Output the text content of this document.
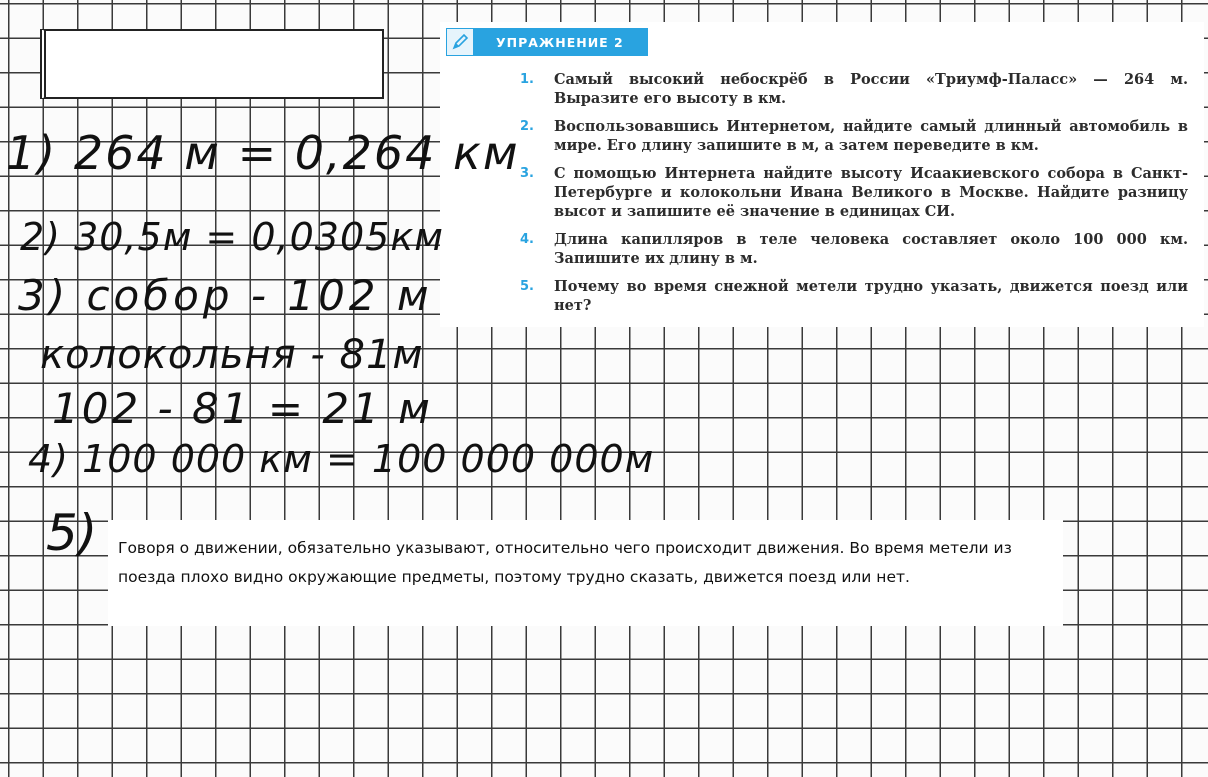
УПРАЖНЕНИЕ 2
1. Самый высокий небоскрёб в России «Триумф-Паласс» — 264 м. Выразите его высоту в км.
2. Воспользовавшись Интернетом, найдите самый длинный автомобиль в мире. Его длину запишите в м, а затем переведите в км.
3. С помощью Интернета найдите высоту Исаакиевского собора в Санкт-Петербурге и колокольни Ивана Великого в Москве. Найдите разницу высот и запишите её значение в единицах СИ.
4. Длина капилляров в теле человека составляет около 100 000 км. Запишите их длину в м.
5. Почему во время снежной метели трудно указать, движется поезд или нет?
1) 264 м = 0,264 км
2) 30,5м = 0,0305км
3) собор - 102 м
колокольня - 81м
102 - 81 = 21 м
4) 100 000 км = 100 000 000м
5)	Говоря о движении, обязательно указывают, относительно чего происходит движения. Во время метели из поезда плохо видно окружающие предметы, поэтому трудно сказать, движется поезд или нет.
